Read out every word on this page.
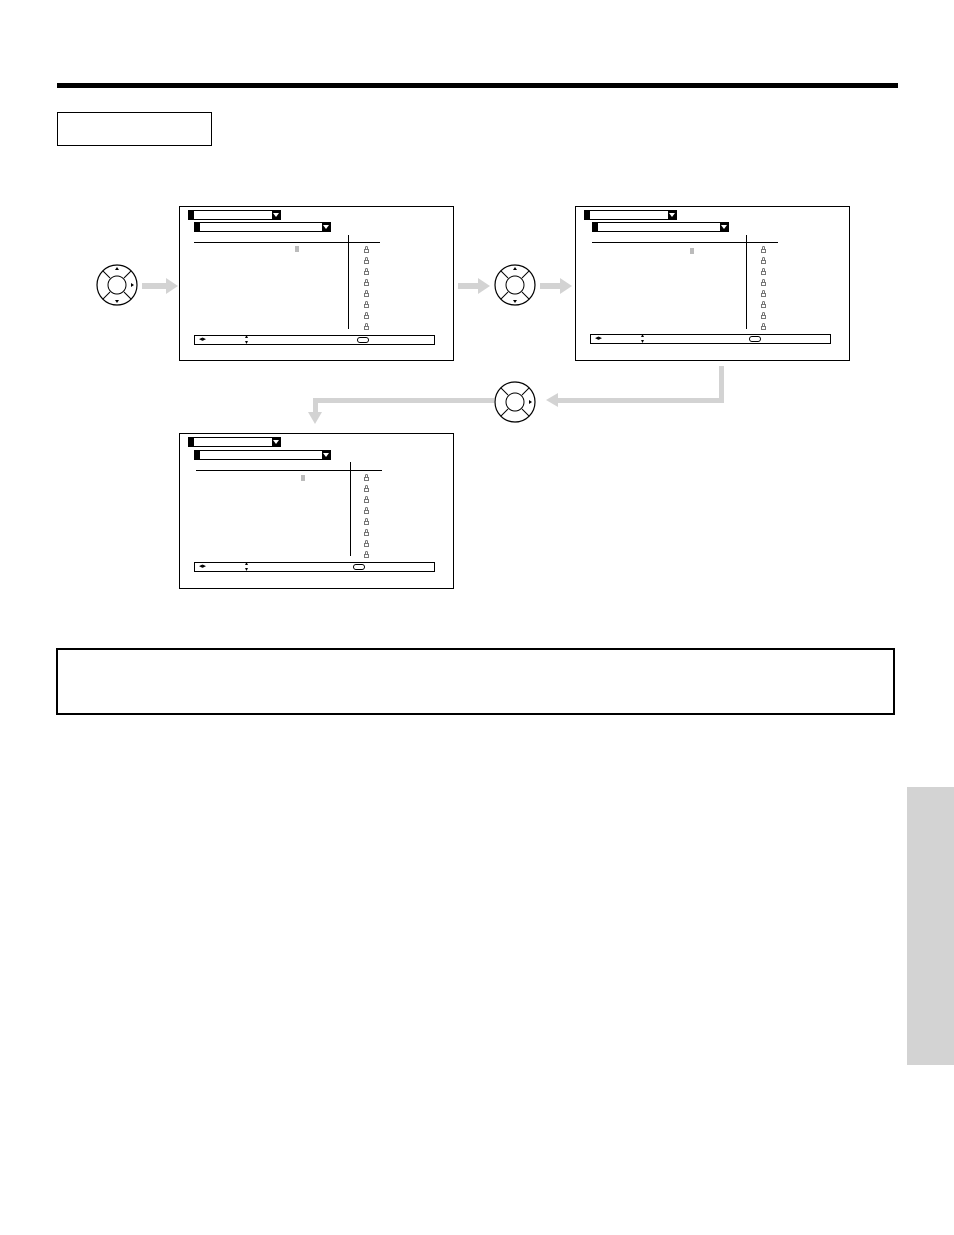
◂▸	▴
▾
◂▸	▴
▾
◂▸	▴
▾
